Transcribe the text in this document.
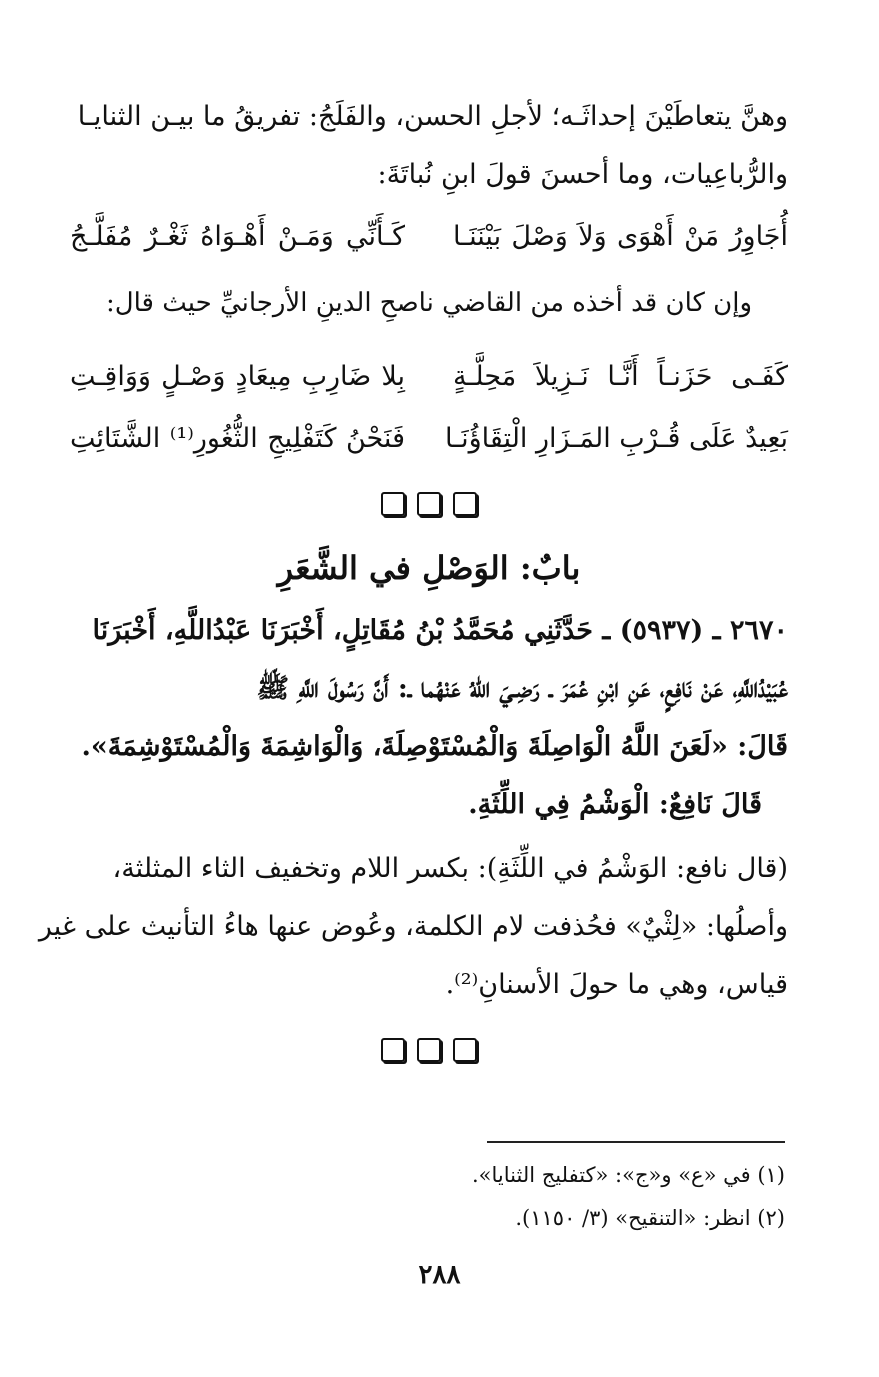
وهنَّ يتعاطَيْنَ إحداثَـه؛ لأجلِ الحسن، والفَلَجُ: تفريقُ ما بيـن الثنايـا

والرُّباعِيات، وما أحسنَ قولَ ابنِ نُباتَةَ:

أُجَاوِرُ مَنْ أَهْوَى وَلاَ وَصْلَ بَيْنَنَـا
كَـأَنِّي وَمَـنْ أَهْـوَاهُ ثَغْـرٌ مُفَلَّـجُ

وإن كان قد أخذه من القاضي ناصحِ الدينِ الأرجانيِّ حيث قال:

كَفَـى حَزَنـاً أَنَّـا نَـزِيلاَ مَحِلَّـةٍ
بِلا ضَارِبِ مِيعَادٍ وَصْـلٍ وَوَاقِـتِ
بَعِيدٌ عَلَى قُـرْبِ المَـزَارِ الْتِقَاؤُنَـا
فَنَحْنُ كَتَفْلِيجِ الثُّغُورِ⁽¹⁾ الشَّتَائِتِ

بابٌ: الوَصْلِ في الشَّعَرِ

٢٦٧٠ ـ (٥٩٣٧) ـ حَدَّثَنِي مُحَمَّدُ بْنُ مُقَاتِلٍ، أَخْبَرَنَا عَبْدُاللَّهِ، أَخْبَرَنَا

عُبَيْدُاللَّهِ، عَنْ نَافِعٍ، عَنِ ابْنِ عُمَرَ ـ رَضِـيَ اللهُ عَنْهُما ـ: أَنَّ رَسُولَ اللَّهِ ﷺ

قَالَ: «لَعَنَ اللَّهُ الْوَاصِلَةَ وَالْمُسْتَوْصِلَةَ، وَالْوَاشِمَةَ وَالْمُسْتَوْشِمَةَ».

قَالَ نَافِعٌ: الْوَشْمُ فِي اللِّثَةِ.

(قال نافع: الوَشْمُ في اللِّثَةِ): بكسر اللام وتخفيف الثاء المثلثة،

وأصلُها: «لِثْيٌ» فحُذفت لام الكلمة، وعُوض عنها هاءُ التأنيث على غير

قياس، وهي ما حولَ الأسنانِ⁽²⁾.

(١) في «ع» و«ج»: «كتفليج الثنايا».
(٢) انظر: «التنقيح» (٣/ ١١٥٠).
٢٨٨
